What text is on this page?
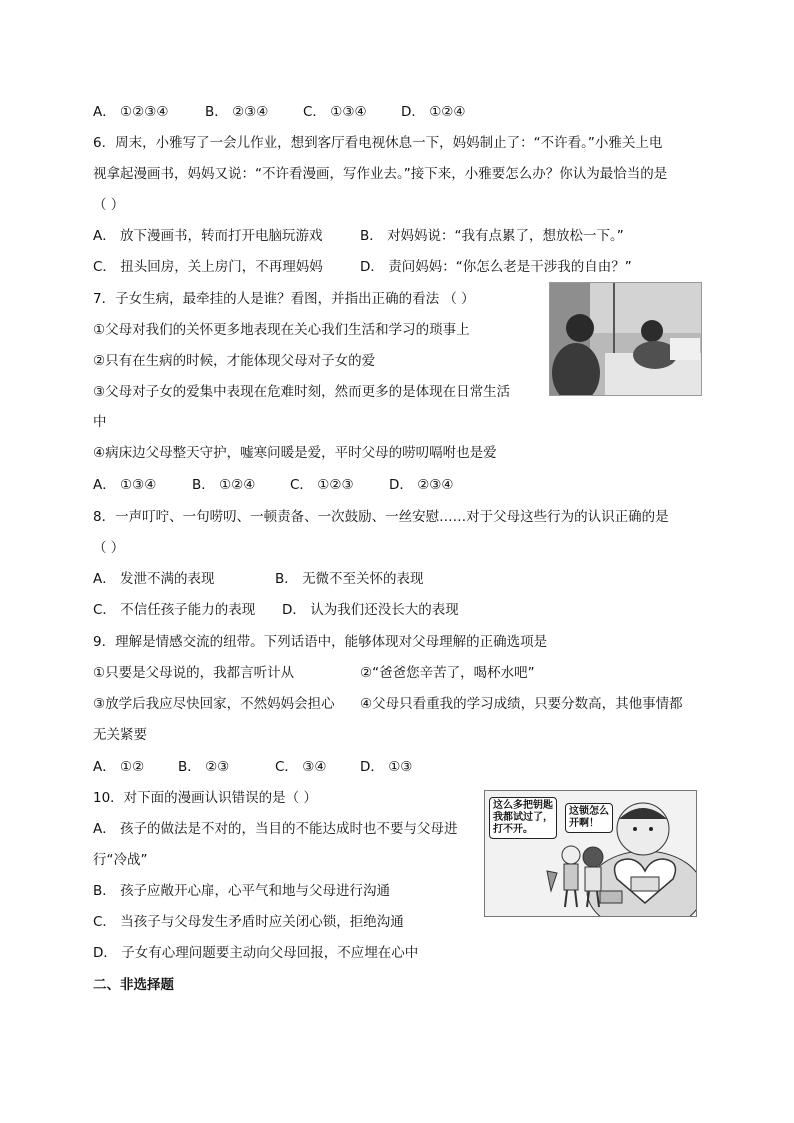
A． ①②③④	B． ②③④	C． ①③④	D． ①②④
6．周末，小雅写了一会儿作业，想到客厅看电视休息一下，妈妈制止了：“不许看。”小雅关上电
视拿起漫画书，妈妈又说：“不许看漫画，写作业去。”接下来，小雅要怎么办？你认为最恰当的是
（ ）
A． 放下漫画书，转而打开电脑玩游戏	B． 对妈妈说：“我有点累了，想放松一下。”
C． 扭头回房，关上房门，不再理妈妈	D． 责问妈妈：“你怎么老是干涉我的自由？”
7．子女生病，最牵挂的人是谁？看图，并指出正确的看法 （ ）
①父母对我们的关怀更多地表现在关心我们生活和学习的琐事上
②只有在生病的时候，才能体现父母对子女的爱
③父母对子女的爱集中表现在危难时刻，然而更多的是体现在日常生活
中
④病床边父母整天守护，嘘寒问暖是爱，平时父母的唠叨嗝咐也是爱
A． ①③④	B． ①②④	C． ①②③	D． ②③④
8．一声叮咛、一句唠叨、一顿责备、一次鼓励、一丝安慰……对于父母这些行为的认识正确的是
（ ）
A． 发泄不满的表现	B． 无微不至关怀的表现
C． 不信任孩子能力的表现 D． 认为我们还没长大的表现
9．理解是情感交流的纽带。下列话语中，能够体现对父母理解的正确选项是
①只要是父母说的，我都言听计从	②“爸爸您辛苦了，喝杯水吧”
③放学后我应尽快回家，不然妈妈会担心 ④父母只看重我的学习成绩，只要分数高，其他事情都
无关紧要
A． ①② B． ②③	C． ③④ D． ①③
10．对下面的漫画认识错误的是（ ）
A． 孩子的做法是不对的，当目的不能达成时也不要与父母进
行“冷战”
B． 孩子应敞开心扉，心平气和地与父母进行沟通
C． 当孩子与父母发生矛盾时应关闭心锁，拒绝沟通
D． 子女有心理问题要主动向父母回报，不应埋在心中
这么多把钥匙
我都试过了，
打不开。
这锁怎么
开啊！
二、非选择题
